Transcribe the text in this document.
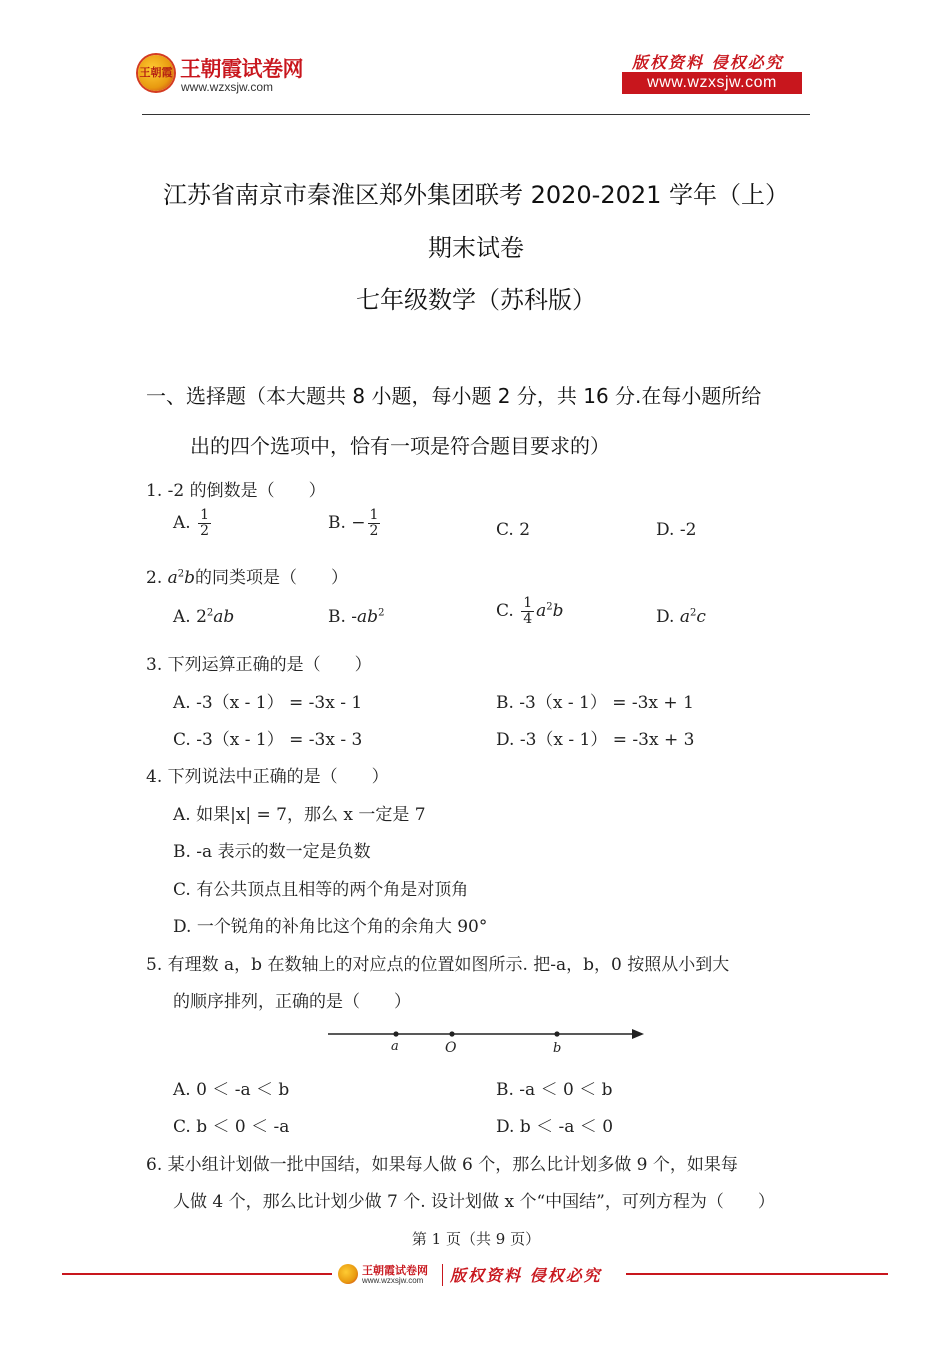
王朝霞 王朝霞试卷网
www.wzxsjw.com
版权资料 侵权必究
www.wzxsjw.com
江苏省南京市秦淮区郑外集团联考 2020-2021 学年（上）
期末试卷
七年级数学（苏科版）
一、选择题（本大题共 8 小题，每小题 2 分，共 16 分.在每小题所给
出的四个选项中，恰有一项是符合题目要求的）
1. -2 的倒数是（　　）
A. $\frac{1}{2}$	B. − $\frac{1}{2}$	C. 2	D. -2
2. $a^2b$的同类项是（　　）
A. $2^2ab$	B. $-ab^2$	C. $\frac{1}{4} a^2b$	D. $a^2c$
3. 下列运算正确的是（　　）
A. -3（x - 1） = -3x - 1	B. -3（x - 1） = -3x + 1
C. -3（x - 1） = -3x - 3	D. -3（x - 1） = -3x + 3
4. 下列说法中正确的是（　　）
A. 如果|x| = 7，那么 x 一定是 7
B. -a 表示的数一定是负数
C. 有公共顶点且相等的两个角是对顶角
D. 一个锐角的补角比这个角的余角大 90°
5. 有理数 a，b 在数轴上的对应点的位置如图所示. 把-a，b，0 按照从小到大
的顺序排列，正确的是（　　）
a	O	b
A. 0 ＜ -a ＜ b	B. -a ＜ 0 ＜ b
C. b ＜ 0 ＜ -a	D. b ＜ -a ＜ 0
6. 某小组计划做一批中国结，如果每人做 6 个，那么比计划多做 9 个，如果每
人做 4 个，那么比计划少做 7 个. 设计划做 x 个“中国结”，可列方程为（　　）
第 1 页（共 9 页）
王朝霞试卷网
www.wzxsjw.com 版权资料 侵权必究
